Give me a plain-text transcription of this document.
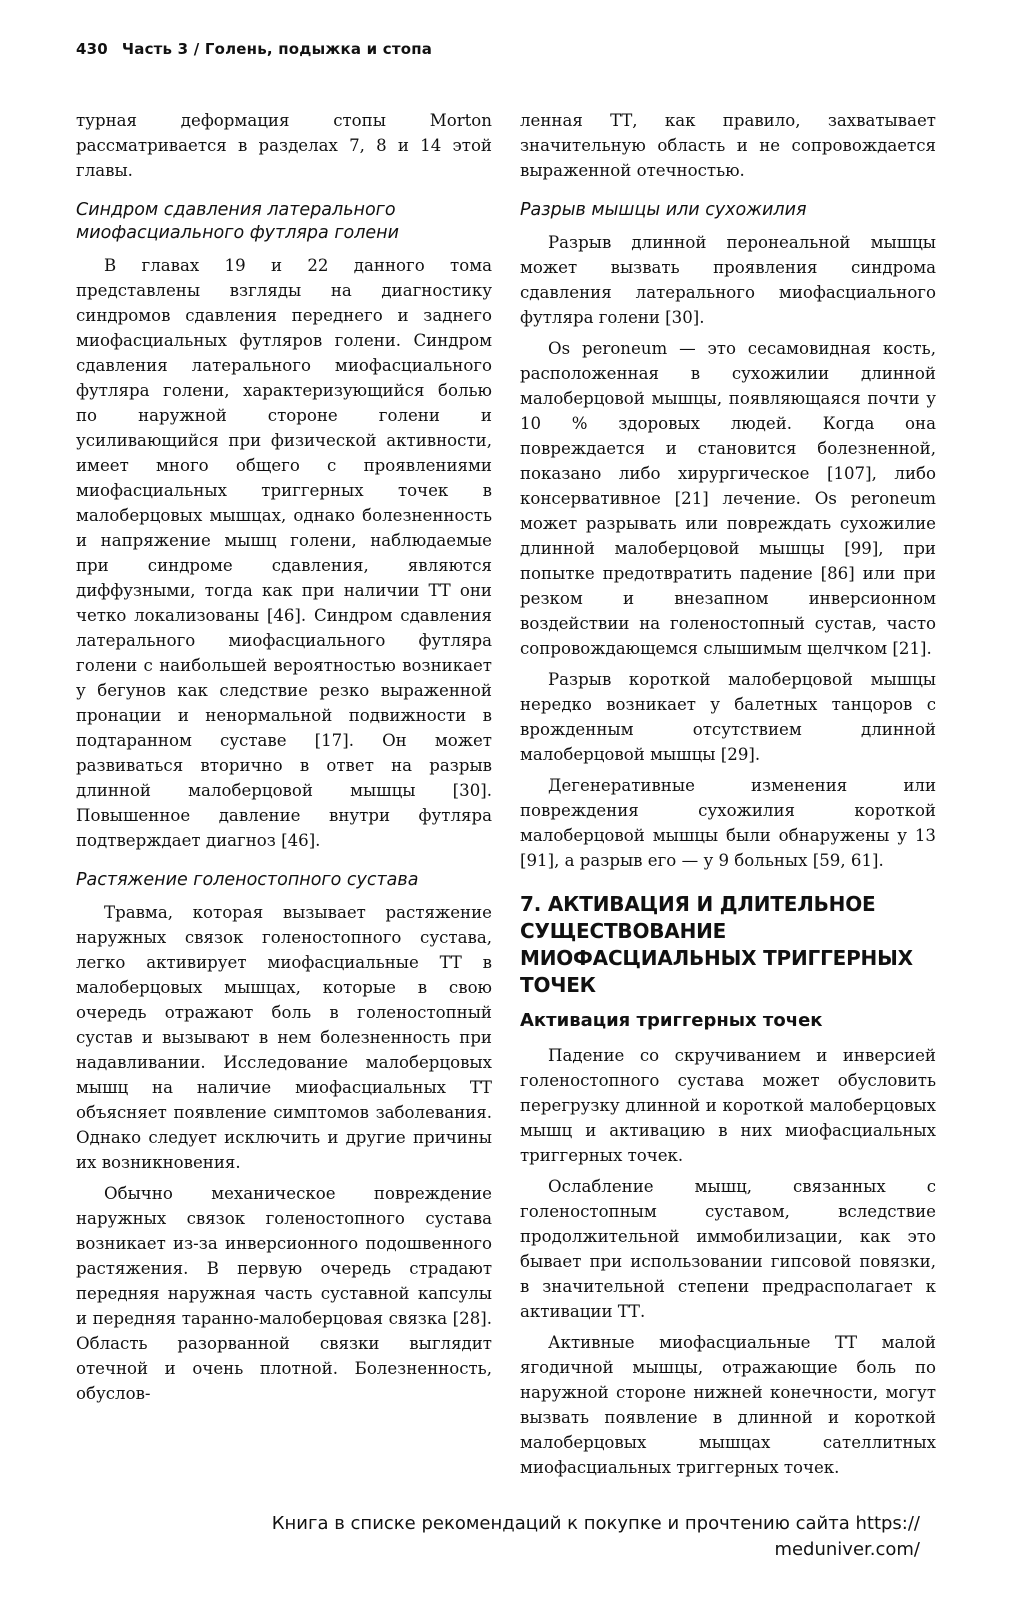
430 Часть 3 / Голень, подыжка и стопа

турная деформация стопы Morton рассматривается в разделах 7, 8 и 14 этой главы.

Синдром сдавления латерального миофасциального футляра голени

В главах 19 и 22 данного тома представлены взгляды на диагностику синдромов сдавления переднего и заднего миофасциальных футляров голени. Синдром сдавления латерального миофасциального футляра голени, характеризующийся болью по наружной стороне голени и усиливающийся при физической активности, имеет много общего с проявлениями миофасциальных триггерных точек в малоберцовых мышцах, однако болезненность и напряжение мышц голени, наблюдаемые при синдроме сдавления, являются диффузными, тогда как при наличии ТТ они четко локализованы [46]. Синдром сдавления латерального миофасциального футляра голени с наибольшей вероятностью возникает у бегунов как следствие резко выраженной пронации и ненормальной подвижности в подтаранном суставе [17]. Он может развиваться вторично в ответ на разрыв длинной малоберцовой мышцы [30]. Повышенное давление внутри футляра подтверждает диагноз [46].

Растяжение голеностопного сустава

Травма, которая вызывает растяжение наружных связок голеностопного сустава, легко активирует миофасциальные ТТ в малоберцовых мышцах, которые в свою очередь отражают боль в голеностопный сустав и вызывают в нем болезненность при надавливании. Исследование малоберцовых мышц на наличие миофасциальных ТТ объясняет появление симптомов заболевания. Однако следует исключить и другие причины их возникновения.

Обычно механическое повреждение наружных связок голеностопного сустава возникает из-за инверсионного подошвенного растяжения. В первую очередь страдают передняя наружная часть суставной капсулы и передняя таранно-малоберцовая связка [28]. Область разорванной связки выглядит отечной и очень плотной. Болезненность, обуслов-

ленная ТТ, как правило, захватывает значительную область и не сопровождается выраженной отечностью.

Разрыв мышцы или сухожилия

Разрыв длинной перонеальной мышцы может вызвать проявления синдрома сдавления латерального миофасциального футляра голени [30].

Os peroneum — это сесамовидная кость, расположенная в сухожилии длинной малоберцовой мышцы, появляющаяся почти у 10 % здоровых людей. Когда она повреждается и становится болезненной, показано либо хирургическое [107], либо консервативное [21] лечение. Os peroneum может разрывать или повреждать сухожилие длинной малоберцовой мышцы [99], при попытке предотвратить падение [86] или при резком и внезапном инверсионном воздействии на голеностопный сустав, часто сопровождающемся слышимым щелчком [21].

Разрыв короткой малоберцовой мышцы нередко возникает у балетных танцоров с врожденным отсутствием длинной малоберцовой мышцы [29].

Дегенеративные изменения или повреждения сухожилия короткой малоберцовой мышцы были обнаружены у 13 [91], а разрыв его — у 9 больных [59, 61].

7. АКТИВАЦИЯ И ДЛИТЕЛЬНОЕ СУЩЕСТВОВАНИЕ МИОФАСЦИАЛЬНЫХ ТРИГГЕРНЫХ ТОЧЕК
Активация триггерных точек

Падение со скручиванием и инверсией голеностопного сустава может обусловить перегрузку длинной и короткой малоберцовых мышц и активацию в них миофасциальных триггерных точек.

Ослабление мышц, связанных с голеностопным суставом, вследствие продолжительной иммобилизации, как это бывает при использовании гипсовой повязки, в значительной степени предрасполагает к активации ТТ.

Активные миофасциальные ТТ малой ягодичной мышцы, отражающие боль по наружной стороне нижней конечности, могут вызвать появление в длинной и короткой малоберцовых мышцах сателлитных миофасциальных триггерных точек.

Книга в списке рекомендаций к покупке и прочтению сайта https://
meduniver.com/
